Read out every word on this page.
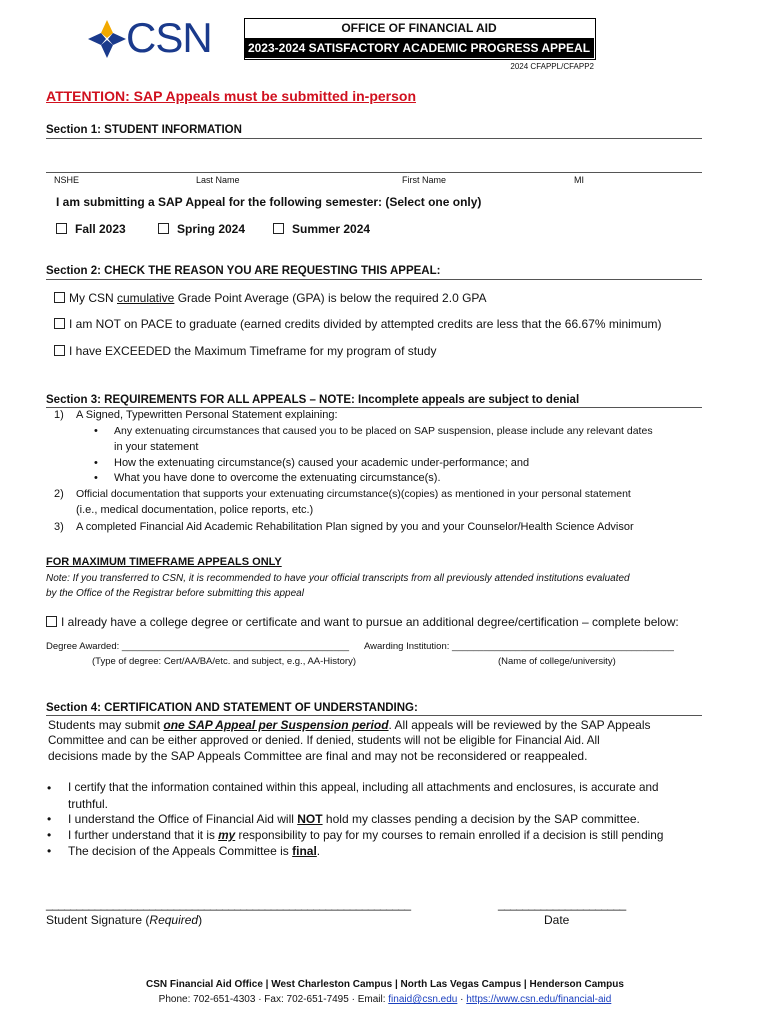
CSN	OFFICE OF FINANCIAL AID
2023-2024 SATISFACTORY ACADEMIC PROGRESS APPEAL
2024 CFAPPL/CFAPP2
ATTENTION: SAP Appeals must be submitted in-person
Section 1: STUDENT INFORMATION
NSHE	Last Name	First Name	MI
I am submitting a SAP Appeal for the following semester: (Select one only)
Fall 2023	Spring 2024	Summer 2024
Section 2: CHECK THE REASON YOU ARE REQUESTING THIS APPEAL:
My CSN cumulative Grade Point Average (GPA) is below the required 2.0 GPA
I am NOT on PACE to graduate (earned credits divided by attempted credits are less that the 66.67% minimum)
I have EXCEEDED the Maximum Timeframe for my program of study
Section 3: REQUIREMENTS FOR ALL APPEALS – NOTE: Incomplete appeals are subject to denial
1) A Signed, Typewritten Personal Statement explaining:
• Any extenuating circumstances that caused you to be placed on SAP suspension, please include any relevant dates
in your statement
• How the extenuating circumstance(s) caused your academic under-performance; and
• What you have done to overcome the extenuating circumstance(s).
2) Official documentation that supports your extenuating circumstance(s)(copies) as mentioned in your personal statement
(i.e., medical documentation, police reports, etc.)
3) A completed Financial Aid Academic Rehabilitation Plan signed by you and your Counselor/Health Science Advisor
FOR MAXIMUM TIMEFRAME APPEALS ONLY
Note: If you transferred to CSN, it is recommended to have your official transcripts from all previously attended institutions evaluated
by the Office of the Registrar before submitting this appeal
I already have a college degree or certificate and want to pursue an additional degree/certification – complete below:
Degree Awarded: ___________________________________________
(Type of degree: Cert/AA/BA/etc. and subject, e.g., AA-History)
Awarding Institution: __________________________________________
(Name of college/university)
Section 4: CERTIFICATION AND STATEMENT OF UNDERSTANDING:
Students may submit one SAP Appeal per Suspension period. All appeals will be reviewed by the SAP Appeals
Committee and can be either approved or denied. If denied, students will not be eligible for Financial Aid. All
decisions made by the SAP Appeals Committee are final and may not be reconsidered or reappealed.
• I certify that the information contained within this appeal, including all attachments and enclosures, is accurate and
truthful.
• I understand the Office of Financial Aid will NOT hold my classes pending a decision by the SAP committee.
• I further understand that it is my responsibility to pay for my courses to remain enrolled if a decision is still pending
• The decision of the Appeals Committee is final.
____________________________________________________________
Student Signature (Required)
_____________________
Date
CSN Financial Aid Office | West Charleston Campus | North Las Vegas Campus | Henderson Campus
Phone: 702-651-4303 · Fax: 702-651-7495 · Email: finaid@csn.edu · https://www.csn.edu/financial-aid
